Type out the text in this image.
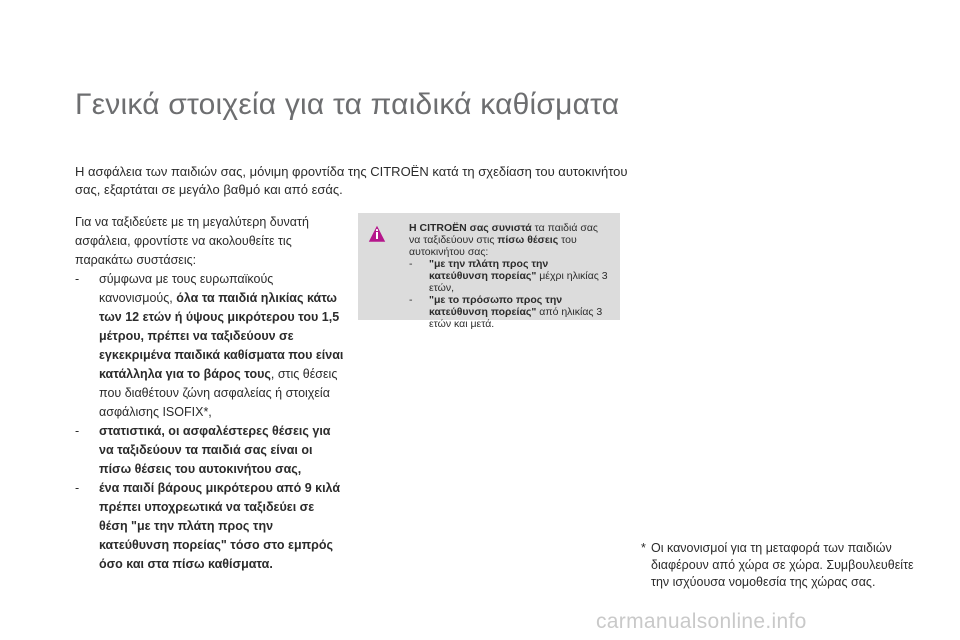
Γενικά στοιχεία για τα παιδικά καθίσματα
Η ασφάλεια των παιδιών σας, μόνιμη φροντίδα της CITROËN κατά τη σχεδίαση του αυτοκινήτου σας, εξαρτάται σε μεγάλο βαθμό και από εσάς.
Για να ταξιδεύετε με τη μεγαλύτερη δυνατή ασφάλεια, φροντίστε να ακολουθείτε τις παρακάτω συστάσεις:
- σύμφωνα με τους ευρωπαϊκούς κανονισμούς, όλα τα παιδιά ηλικίας κάτω των 12 ετών ή ύψους μικρότερου του 1,5 μέτρου, πρέπει να ταξιδεύουν σε εγκεκριμένα παιδικά καθίσματα που είναι κατάλληλα για το βάρος τους, στις θέσεις που διαθέτουν ζώνη ασφαλείας ή στοιχεία ασφάλισης ISOFIX*,
- στατιστικά, οι ασφαλέστερες θέσεις για να ταξιδεύουν τα παιδιά σας είναι οι πίσω θέσεις του αυτοκινήτου σας,
- ένα παιδί βάρους μικρότερου από 9 κιλά πρέπει υποχρεωτικά να ταξιδεύει σε θέση "με την πλάτη προς την κατεύθυνση πορείας" τόσο στο εμπρός όσο και στα πίσω καθίσματα.
Η CITROËN σας συνιστά τα παιδιά σας να ταξιδεύουν στις πίσω θέσεις του αυτοκινήτου σας:
- "με την πλάτη προς την κατεύθυνση πορείας" μέχρι ηλικίας 3 ετών,
- "με το πρόσωπο προς την κατεύθυνση πορείας" από ηλικίας 3 ετών και μετά.
* Οι κανονισμοί για τη μεταφορά των παιδιών διαφέρουν από χώρα σε χώρα. Συμβουλευθείτε την ισχύουσα νομοθεσία της χώρας σας.
carmanualsonline.info
